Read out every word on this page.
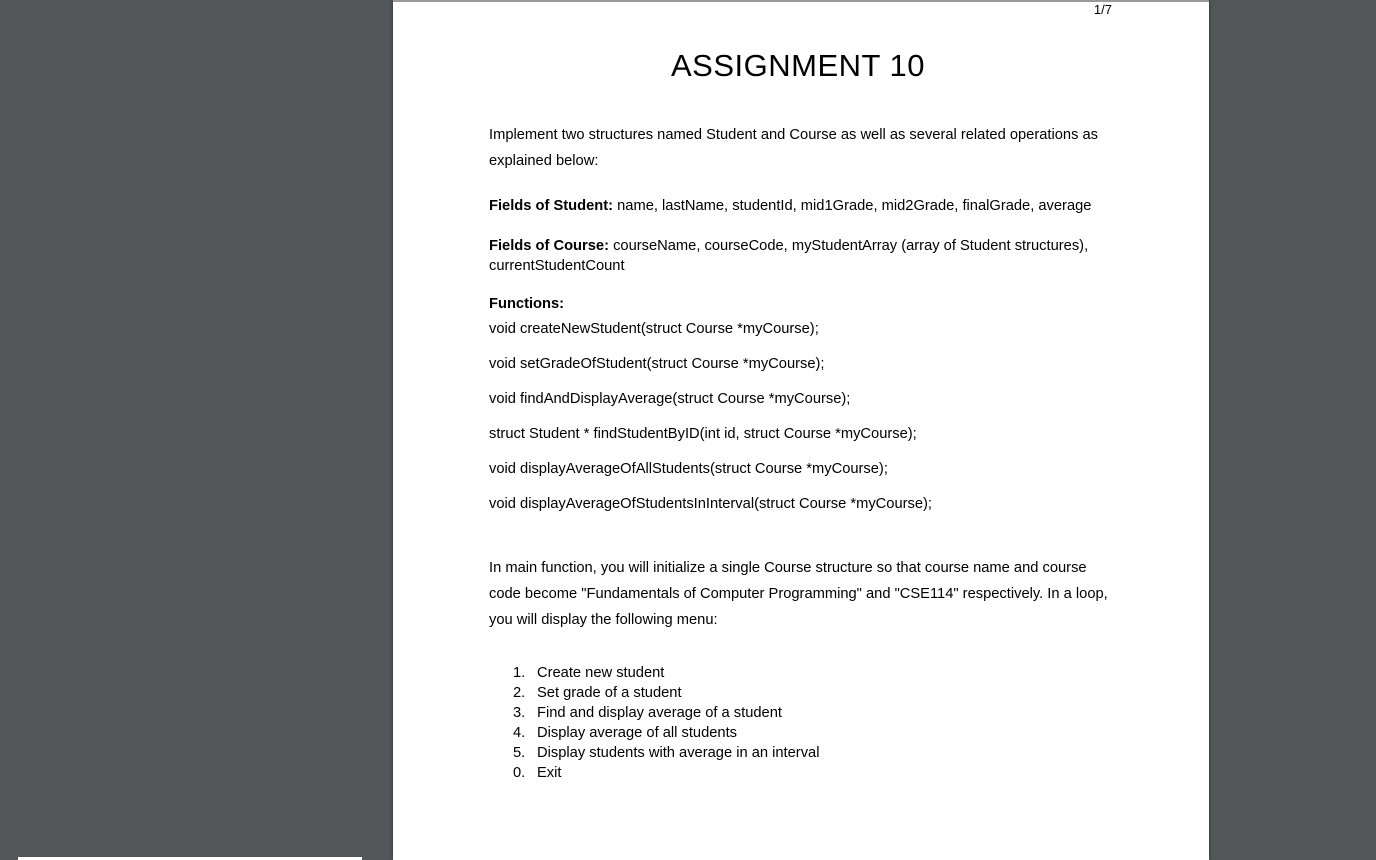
1/7
ASSIGNMENT 10

Implement two structures named Student and Course as well as several related operations as explained below:

Fields of Student: name, lastName, studentId, mid1Grade, mid2Grade, finalGrade, average

Fields of Course: courseName, courseCode, myStudentArray (array of Student structures), currentStudentCount

Functions:
void createNewStudent(struct Course *myCourse);
void setGradeOfStudent(struct Course *myCourse);
void findAndDisplayAverage(struct Course *myCourse);
struct Student * findStudentByID(int id, struct Course *myCourse);
void displayAverageOfAllStudents(struct Course *myCourse);
void displayAverageOfStudentsInInterval(struct Course *myCourse);

In main function, you will initialize a single Course structure so that course name and course code become "Fundamentals of Computer Programming" and "CSE114" respectively. In a loop, you will display the following menu:

1. Create new student
2. Set grade of a student
3. Find and display average of a student
4. Display average of all students
5. Display students with average in an interval
0. Exit
